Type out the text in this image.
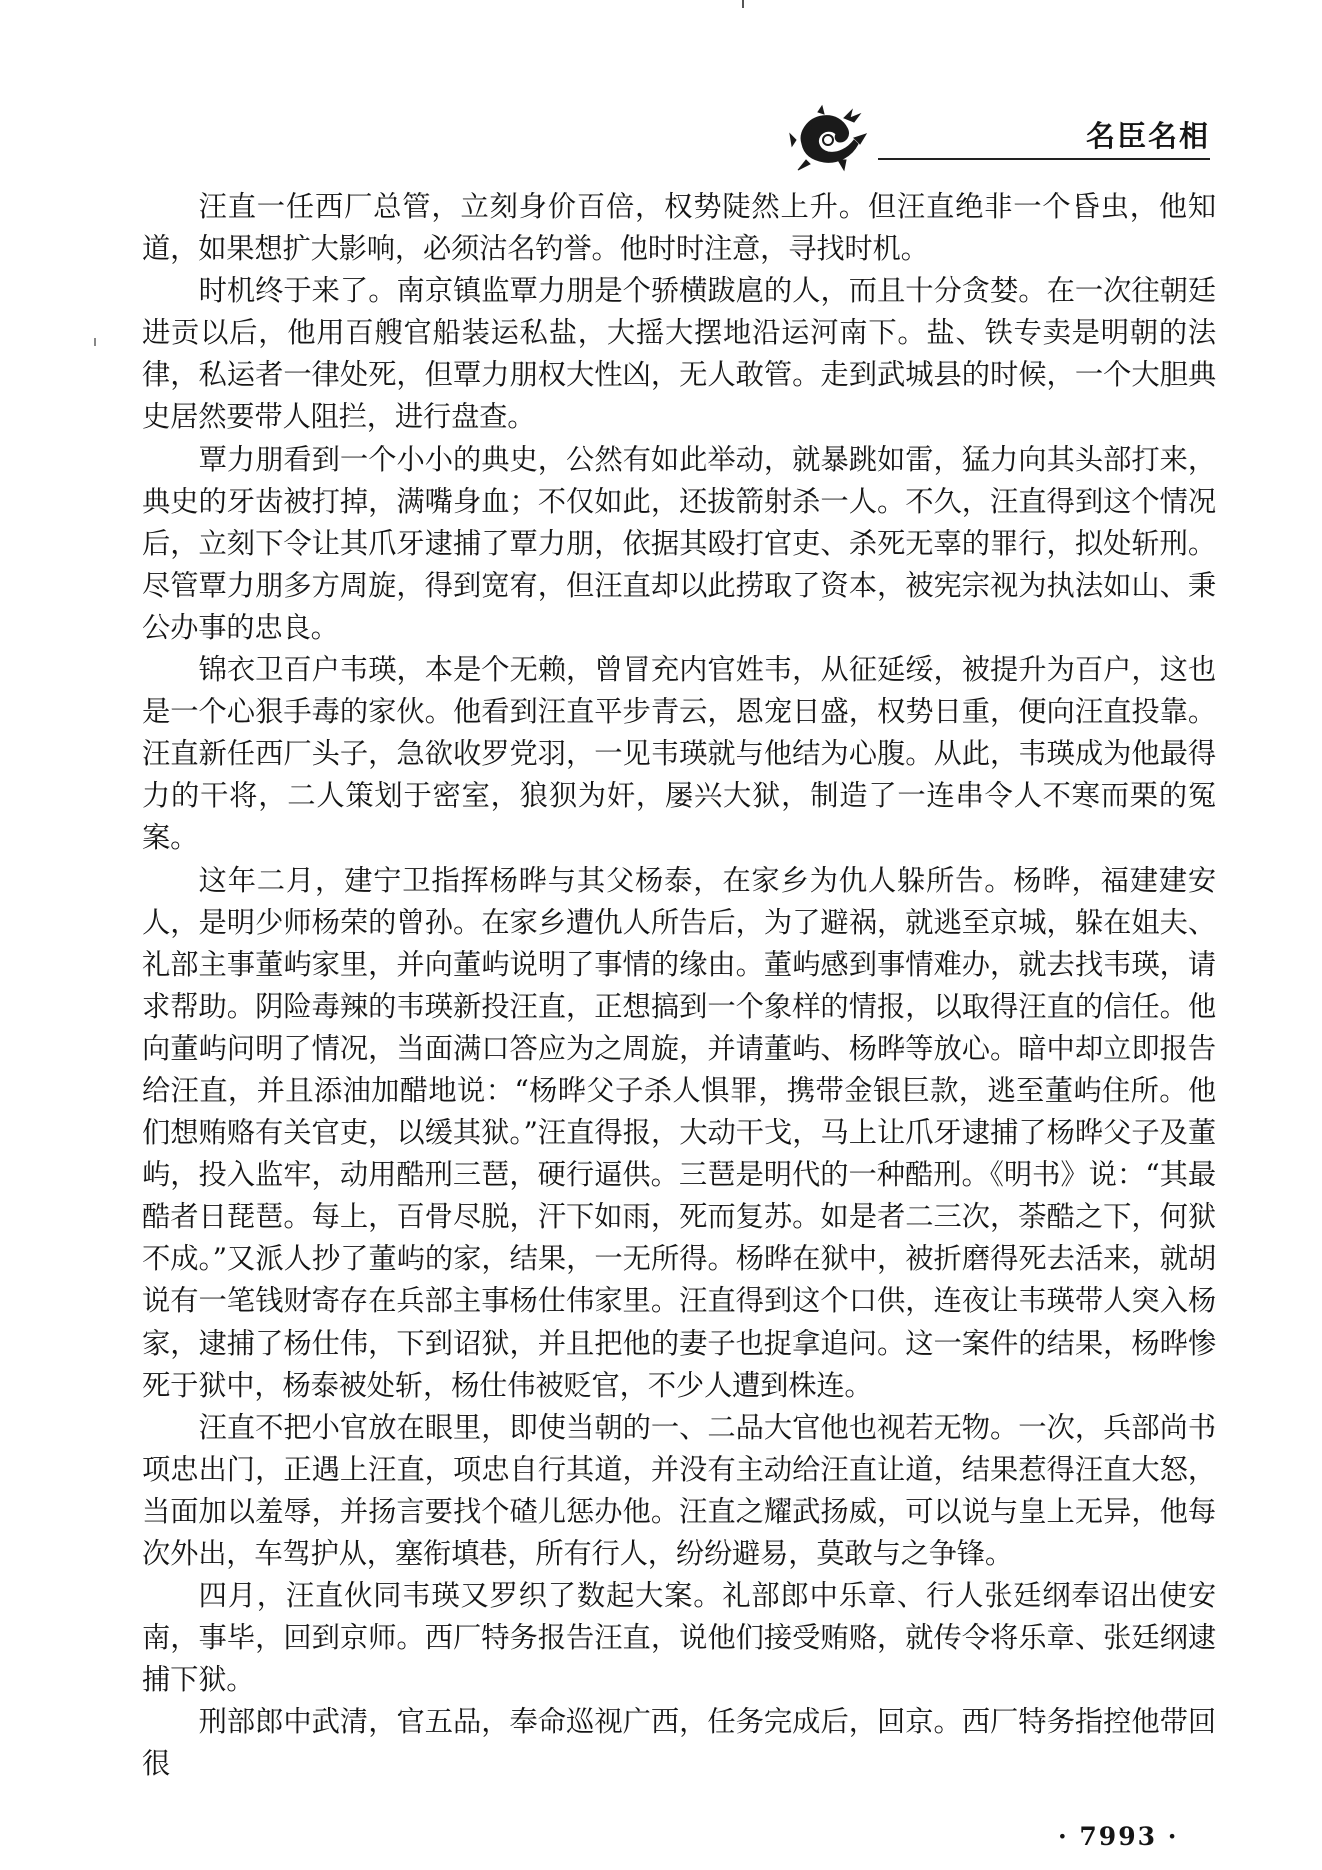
名臣名相

汪直一任西厂总管，立刻身价百倍，权势陡然上升。但汪直绝非一个昏虫，他知道，如果想扩大影响，必须沽名钓誉。他时时注意，寻找时机。

时机终于来了。南京镇监覃力朋是个骄横跋扈的人，而且十分贪婪。在一次往朝廷进贡以后，他用百艘官船装运私盐，大摇大摆地沿运河南下。盐、铁专卖是明朝的法律，私运者一律处死，但覃力朋权大性凶，无人敢管。走到武城县的时候，一个大胆典史居然要带人阻拦，进行盘查。

覃力朋看到一个小小的典史，公然有如此举动，就暴跳如雷，猛力向其头部打来，典史的牙齿被打掉，满嘴身血；不仅如此，还拔箭射杀一人。不久，汪直得到这个情况后，立刻下令让其爪牙逮捕了覃力朋，依据其殴打官吏、杀死无辜的罪行，拟处斩刑。尽管覃力朋多方周旋，得到宽宥，但汪直却以此捞取了资本，被宪宗视为执法如山、秉公办事的忠良。

锦衣卫百户韦瑛，本是个无赖，曾冒充内官姓韦，从征延绥，被提升为百户，这也是一个心狠手毒的家伙。他看到汪直平步青云，恩宠日盛，权势日重，便向汪直投靠。汪直新任西厂头子，急欲收罗党羽，一见韦瑛就与他结为心腹。从此，韦瑛成为他最得力的干将，二人策划于密室，狼狈为奸，屡兴大狱，制造了一连串令人不寒而栗的冤案。

这年二月，建宁卫指挥杨晔与其父杨泰，在家乡为仇人躲所告。杨晔，福建建安人，是明少师杨荣的曾孙。在家乡遭仇人所告后，为了避祸，就逃至京城，躲在姐夫、礼部主事董屿家里，并向董屿说明了事情的缘由。董屿感到事情难办，就去找韦瑛，请求帮助。阴险毒辣的韦瑛新投汪直，正想搞到一个象样的情报，以取得汪直的信任。他向董屿问明了情况，当面满口答应为之周旋，并请董屿、杨晔等放心。暗中却立即报告给汪直，并且添油加醋地说：“杨晔父子杀人惧罪，携带金银巨款，逃至董屿住所。他们想贿赂有关官吏，以缓其狱。”汪直得报，大动干戈，马上让爪牙逮捕了杨晔父子及董屿，投入监牢，动用酷刑三琶，硬行逼供。三琶是明代的一种酷刑。《明书》说：“其最酷者日琵琶。每上，百骨尽脱，汗下如雨，死而复苏。如是者二三次，荼酷之下，何狱不成。”又派人抄了董屿的家，结果，一无所得。杨晔在狱中，被折磨得死去活来，就胡说有一笔钱财寄存在兵部主事杨仕伟家里。汪直得到这个口供，连夜让韦瑛带人突入杨家，逮捕了杨仕伟，下到诏狱，并且把他的妻子也捉拿追问。这一案件的结果，杨晔惨死于狱中，杨泰被处斩，杨仕伟被贬官，不少人遭到株连。

汪直不把小官放在眼里，即使当朝的一、二品大官他也视若无物。一次，兵部尚书项忠出门，正遇上汪直，项忠自行其道，并没有主动给汪直让道，结果惹得汪直大怒，当面加以羞辱，并扬言要找个碴儿惩办他。汪直之耀武扬威，可以说与皇上无异，他每次外出，车驾护从，塞衔填巷，所有行人，纷纷避易，莫敢与之争锋。

四月，汪直伙同韦瑛又罗织了数起大案。礼部郎中乐章、行人张廷纲奉诏出使安南，事毕，回到京师。西厂特务报告汪直，说他们接受贿赂，就传令将乐章、张廷纲逮捕下狱。

刑部郎中武清，官五品，奉命巡视广西，任务完成后，回京。西厂特务指控他带回很

· 7993 ·
